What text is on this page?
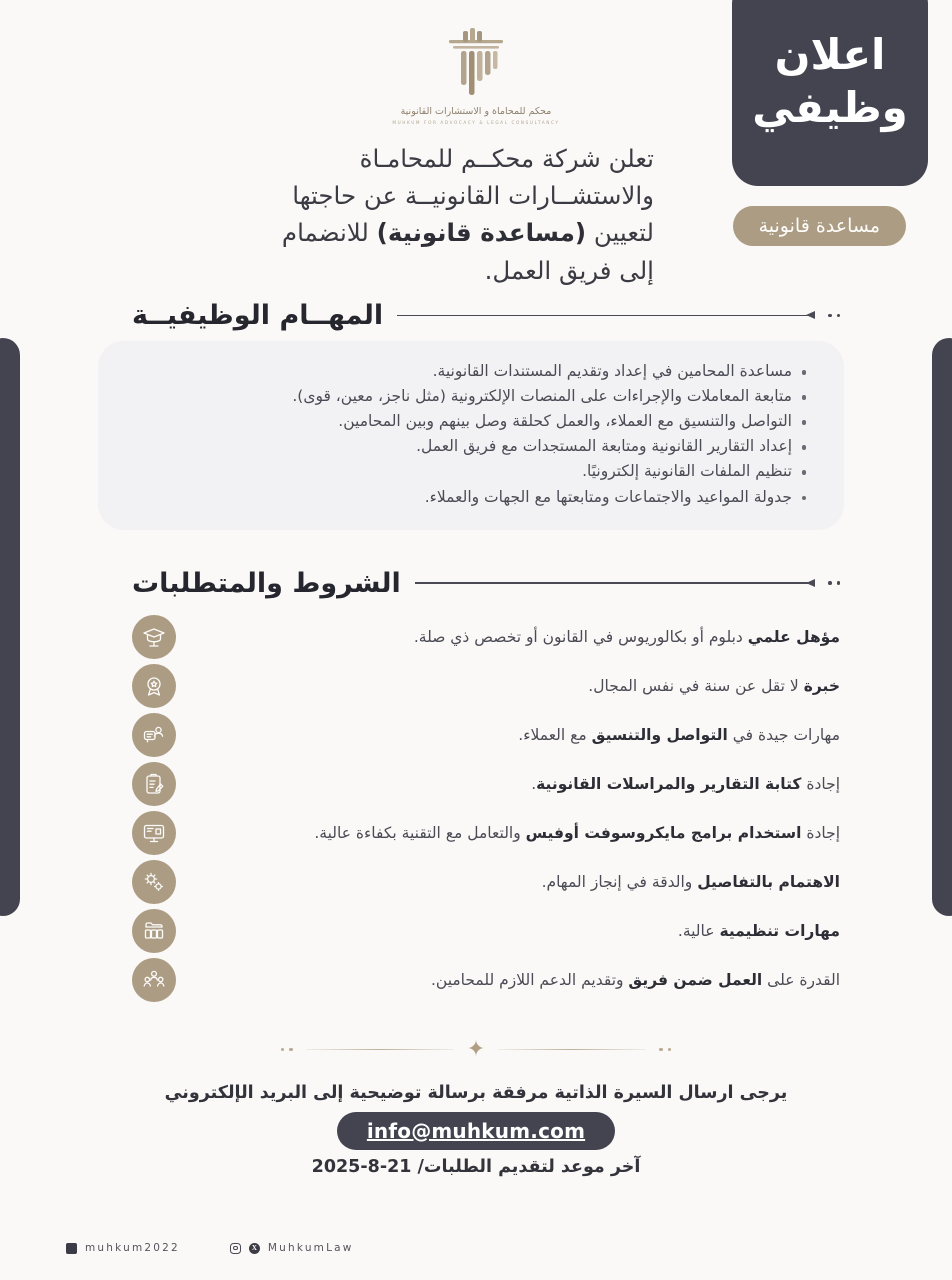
اعلان
وظيفي
مساعدة قانونية
محكم للمحاماة و الاستشارات القانونية
MUHKUM FOR ADVOCACY & LEGAL CONSULTANCY
تعلن شركة محكــم للمحامـاة والاستشــارات القانونيــة عن حاجتها لتعيين (مساعدة قانونية) للانضمام إلى فريق العمل.
المهــام الوظيفيــة
مساعدة المحامين في إعداد وتقديم المستندات القانونية.
متابعة المعاملات والإجراءات على المنصات الإلكترونية (مثل ناجز، معين، قوى).
التواصل والتنسيق مع العملاء، والعمل كحلقة وصل بينهم وبين المحامين.
إعداد التقارير القانونية ومتابعة المستجدات مع فريق العمل.
تنظيم الملفات القانونية إلكترونيًا.
جدولة المواعيد والاجتماعات ومتابعتها مع الجهات والعملاء.
الشروط والمتطلبات
مؤهل علمي دبلوم أو بكالوريوس في القانون أو تخصص ذي صلة.
خبرة لا تقل عن سنة في نفس المجال.
مهارات جيدة في التواصل والتنسيق مع العملاء.
إجادة كتابة التقارير والمراسلات القانونية.
إجادة استخدام برامج مايكروسوفت أوفيس والتعامل مع التقنية بكفاءة عالية.
الاهتمام بالتفاصيل والدقة في إنجاز المهام.
مهارات تنظيمية عالية.
القدرة على العمل ضمن فريق وتقديم الدعم اللازم للمحامين.
✦
يرجى ارسال السيرة الذاتية مرفقة برسالة توضيحية إلى البريد الإلكتروني
info@muhkum.com
آخر موعد لتقديم الطلبات/ 21-8-2025
muhkum2022	X MuhkumLaw
